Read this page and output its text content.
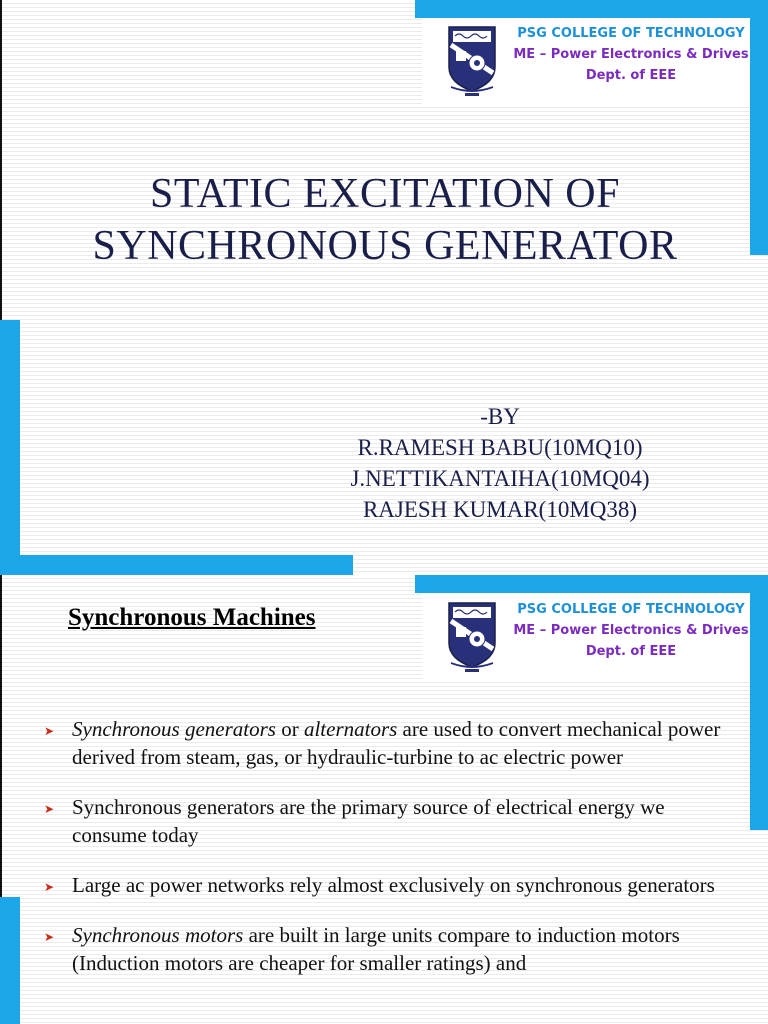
PSG COLLEGE OF TECHNOLOGY
ME – Power Electronics & Drives
Dept. of EEE
STATIC EXCITATION OF
SYNCHRONOUS GENERATOR
-BY
R.RAMESH BABU(10MQ10)
J.NETTIKANTAIHA(10MQ04)
RAJESH KUMAR(10MQ38)
PSG COLLEGE OF TECHNOLOGY
ME – Power Electronics & Drives
Dept. of EEE
Synchronous Machines
➤ Synchronous generators or alternators are used to convert mechanical power derived from steam, gas, or hydraulic-turbine to ac electric power
➤ Synchronous generators are the primary source of electrical energy we consume today
➤ Large ac power networks rely almost exclusively on synchronous generators
➤ Synchronous motors are built in large units compare to induction motors (Induction motors are cheaper for smaller ratings) and
